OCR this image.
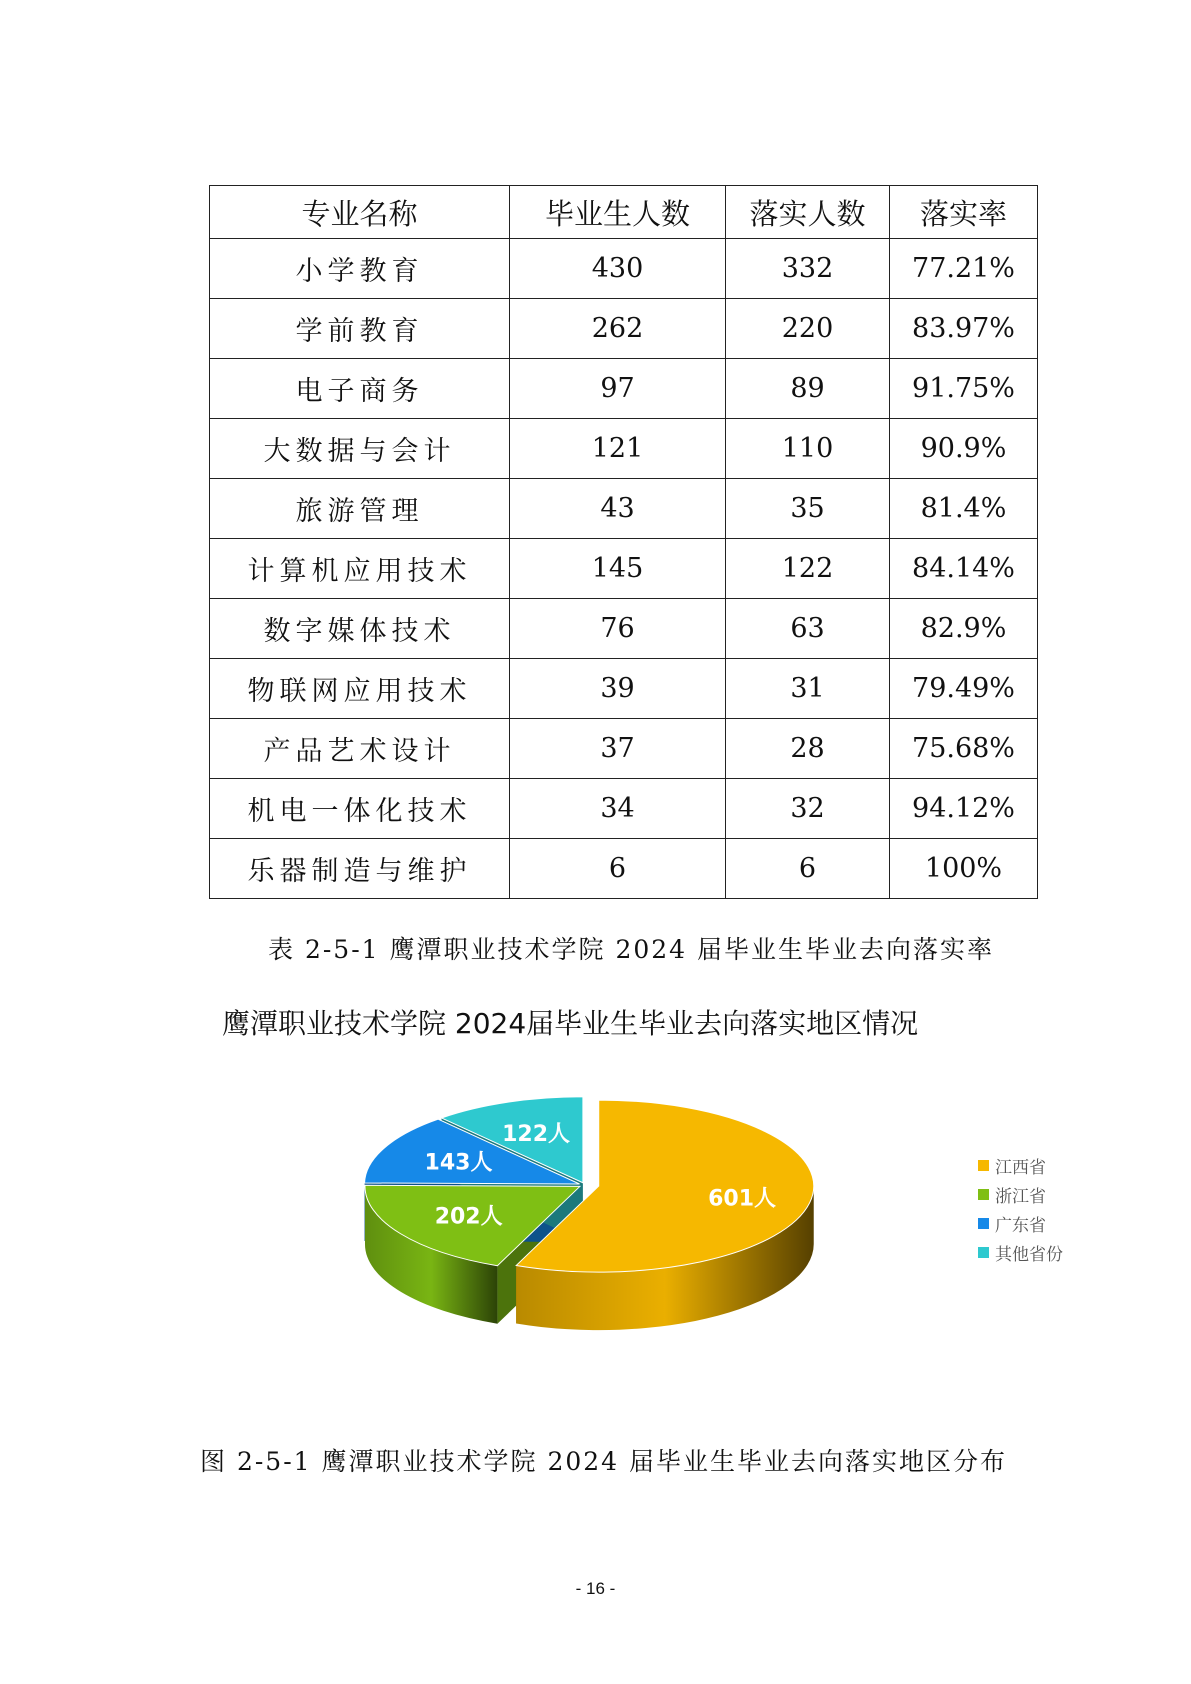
专业名称	毕业生人数	落实人数	落实率
小学教育	430	332	77.21%
学前教育	262	220	83.97%
电子商务	97	89	91.75%
大数据与会计	121	110	90.9%
旅游管理	43	35	81.4%
计算机应用技术	145	122	84.14%
数字媒体技术	76	63	82.9%
物联网应用技术	39	31	79.49%
产品艺术设计	37	28	75.68%
机电一体化技术	34	32	94.12%
乐器制造与维护	6	6	100%
表 2-5-1 鹰潭职业技术学院 2024 届毕业生毕业去向落实率
鹰潭职业技术学院 2024届毕业生毕业去向落实地区情况
601人
202人
143人
122人
江西省
浙江省
广东省
其他省份
图 2-5-1 鹰潭职业技术学院 2024 届毕业生毕业去向落实地区分布
- 16 -
